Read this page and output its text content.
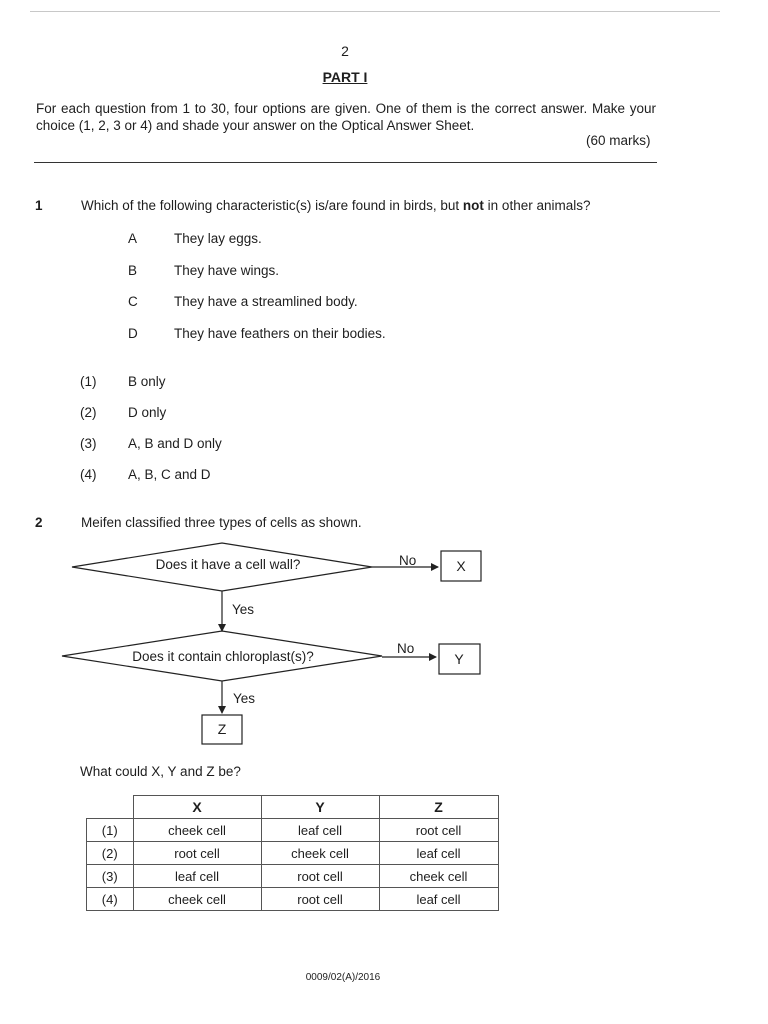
2
PART I
For each question from 1 to 30, four options are given. One of them is the correct answer. Make your choice (1, 2, 3 or 4) and shade your answer on the Optical Answer Sheet.
(60 marks)
1	Which of the following characteristic(s) is/are found in birds, but not in other animals?
A	They lay eggs.
B	They have wings.
C	They have a streamlined body.
D	They have feathers on their bodies.
(1) B only
(2) D only
(3) A, B and D only
(4) A, B, C and D
2	Meifen classified three types of cells as shown.
Does it have a cell wall?	No	X
Yes
Does it contain chloroplast(s)?
No
Y
Yes
Z
What could X, Y and Z be?
	X	Y	Z
(1)	cheek cell	leaf cell	root cell
(2)	root cell	cheek cell	leaf cell
(3)	leaf cell	root cell	cheek cell
(4)	cheek cell	root cell	leaf cell
0009/02(A)/2016
